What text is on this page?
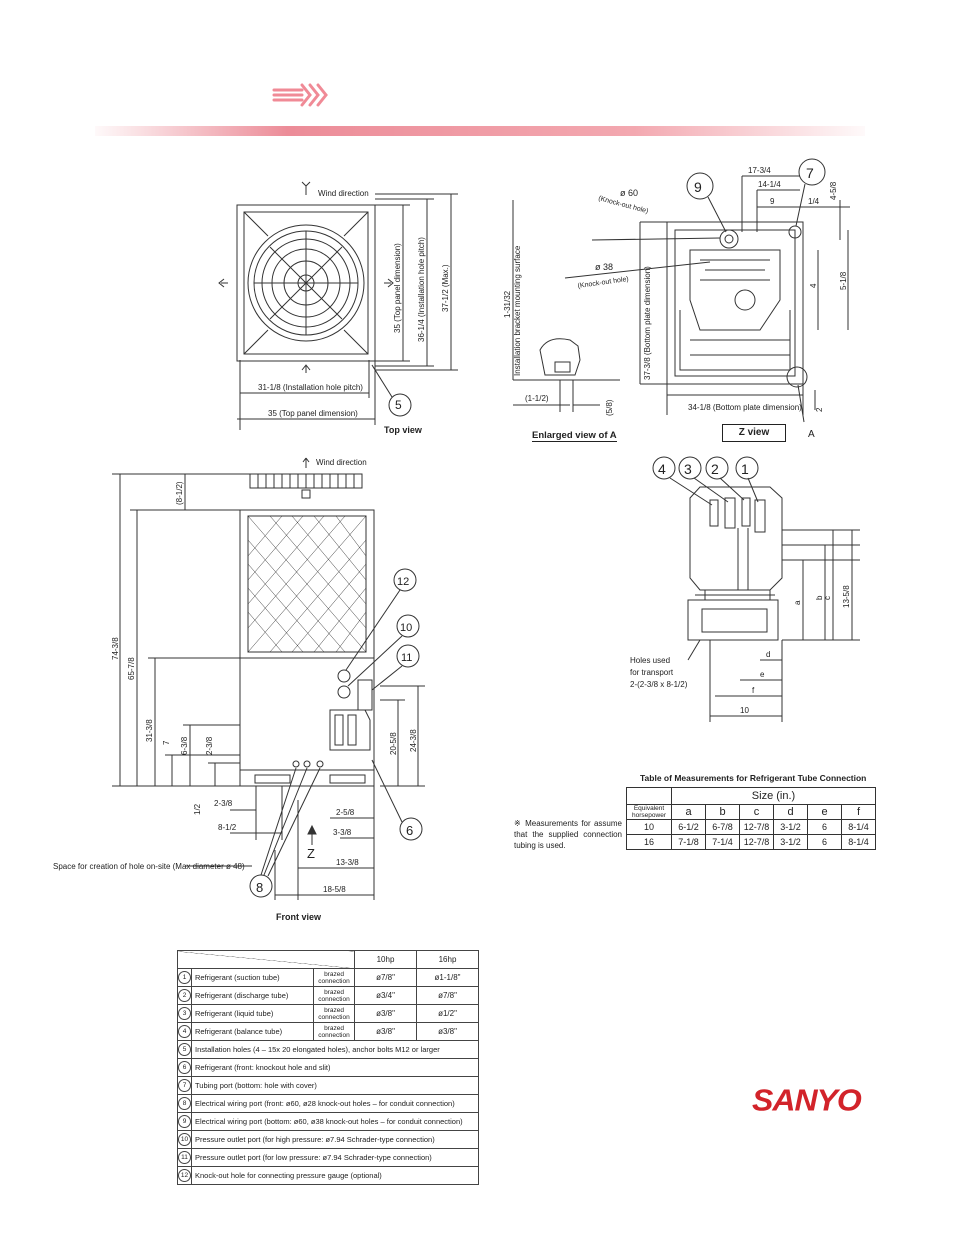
Wind direction
31-1/8 (Installation hole pitch)
35 (Top panel dimension)
35 (Top panel dimension) 36-1/4 (Installation hole pitch) 37-1/2 (Max.)
5
Top view
Installation bracket mounting surface
1-31/32
(1-1/2)
(5/8)
ø 60
(Knock-out hole)
ø 38
(Knock-out hole)
17-3/4
14-1/4
9	1/4
4-5/8
4	5-1/8
2
37-3/8 (Bottom plate dimension)
34-1/8 (Bottom plate dimension)
A
9
7
4 3 2 1
a
b c 13-5/8
d
e
f
10
Holes used
for transport
2-(2-3/8 x 8-1/2)
Wind direction
(8-1/2)
74-3/8
65-7/8
31-3/8
7 6-3/8 2-3/8
1/2
2-3/8
8-1/2
2-5/8
3-3/8
13-3/8
18-5/8
20-5/8 24-3/8
Z
Space for creation of hole on-site (Max diameter ø 48)
12
10
11
6
8
Front view
Enlarged view of A	Z view
Table of Measurements for Refrigerant Tube Connection
	Size (in.)					
Equivalent horsepower	a	b	c	d	e	f
10	6-1/2	6-7/8	12-7/8	3-1/2	6	8-1/4
16	7-1/8	7-1/4	12-7/8	3-1/2	6	8-1/4
※ Measurements for assume that the supplied connection tubing is used.
			10hp	16hp
1	Refrigerant (suction tube)	brazed connection	ø7/8"	ø1-1/8"
2	Refrigerant (discharge tube)	brazed connection	ø3/4"	ø7/8"
3	Refrigerant (liquid tube)	brazed connection	ø3/8"	ø1/2"
4	Refrigerant (balance tube)	brazed connection	ø3/8"	ø3/8"
5	Installation holes (4 – 15x 20 elongated holes), anchor bolts M12 or larger			
6	Refrigerant (front: knockout hole and slit)			
7	Tubing port (bottom: hole with cover)			
8	Electrical wiring port (front: ø60, ø28 knock-out holes – for conduit connection)			
9	Electrical wiring port (bottom: ø60, ø38 knock-out holes – for conduit connection)			
10	Pressure outlet port (for high pressure: ø7.94 Schrader-type connection)			
11	Pressure outlet port (for low pressure: ø7.94 Schrader-type connection)			
12	Knock-out hole for connecting pressure gauge (optional)			
SANYO
